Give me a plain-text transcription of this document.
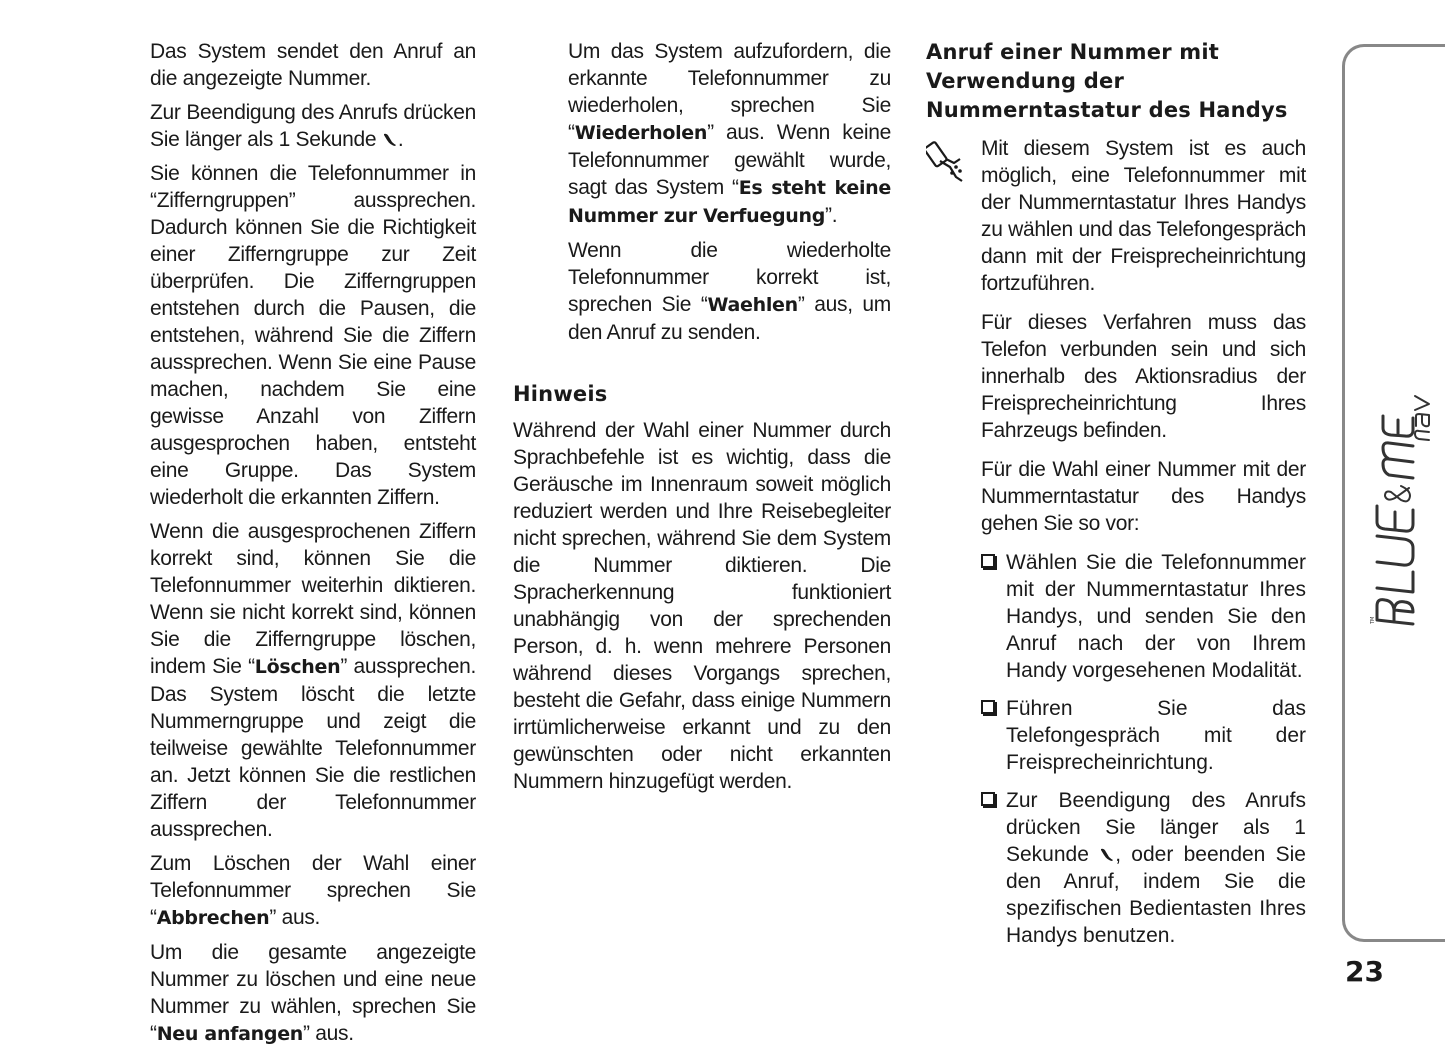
Das System sendet den Anruf an die angezeigte Nummer.

Zur Beendigung des Anrufs drücken Sie länger als 1 Sekunde .

Sie können die Telefonnummer in “Zifferngruppen” aussprechen. Dadurch können Sie die Richtigkeit einer Zifferngruppe zur Zeit überprüfen. Die Zifferngruppen entstehen durch die Pausen, die entstehen, während Sie die Ziffern aussprechen. Wenn Sie eine Pause machen, nachdem Sie eine gewisse Anzahl von Ziffern ausgesprochen haben, entsteht eine Gruppe. Das System wiederholt die erkannten Ziffern.

Wenn die ausgesprochenen Ziffern korrekt sind, können Sie die Telefonnummer weiterhin diktieren. Wenn sie nicht korrekt sind, können Sie die Zifferngruppe löschen, indem Sie “Löschen” aussprechen. Das System löscht die letzte Nummerngruppe und zeigt die teilweise gewählte Telefonnummer an. Jetzt können Sie die restlichen Ziffern der Telefonnummer aussprechen.

Zum Löschen der Wahl einer Telefonnummer sprechen Sie “Abbrechen” aus.

Um die gesamte angezeigte Nummer zu löschen und eine neue Nummer zu wählen, sprechen Sie “Neu anfangen” aus.

Um das System aufzufordern, die erkannte Telefonnummer zu wiederholen, sprechen Sie “Wiederholen” aus. Wenn keine Telefonnummer gewählt wurde, sagt das System “Es steht keine Nummer zur Verfuegung”.

Wenn die wiederholte Telefonnummer korrekt ist, sprechen Sie “Waehlen” aus, um den Anruf zu senden.

Hinweis

Während der Wahl einer Nummer durch Sprachbefehle ist es wichtig, dass die Geräusche im Innenraum soweit möglich reduziert werden und Ihre Reisebegleiter nicht sprechen, während Sie dem System die Nummer diktieren. Die Spracherkennung funktioniert unabhängig von der sprechenden Person, d. h. wenn mehrere Personen während dieses Vorgangs sprechen, besteht die Gefahr, dass einige Nummern irrtümlicherweise erkannt und zu den gewünschten oder nicht erkannten Nummern hinzugefügt werden.

Anruf einer Nummer mit Verwendung der Nummerntastatur des Handys

Mit diesem System ist es auch möglich, eine Telefonnummer mit der Nummerntastatur Ihres Handys zu wählen und das Telefongespräch dann mit der Freisprecheinrichtung fortzuführen.

Für dieses Verfahren muss das Telefon verbunden sein und sich innerhalb des Aktionsradius der Freisprecheinrichtung Ihres Fahrzeugs befinden.

Für die Wahl einer Nummer mit der Nummerntastatur des Handys gehen Sie so vor:

Wählen Sie die Telefonnummer mit der Nummerntastatur Ihres Handys, und senden Sie den Anruf nach der von Ihrem Handy vorgesehenen Modalität.
Führen Sie das Telefongespräch mit der Freisprecheinrichtung.
Zur Beendigung des Anrufs drücken Sie länger als 1 Sekunde , oder beenden Sie den Anruf, indem Sie die spezifischen Bedientasten Ihres Handys benutzen.
TM
23
